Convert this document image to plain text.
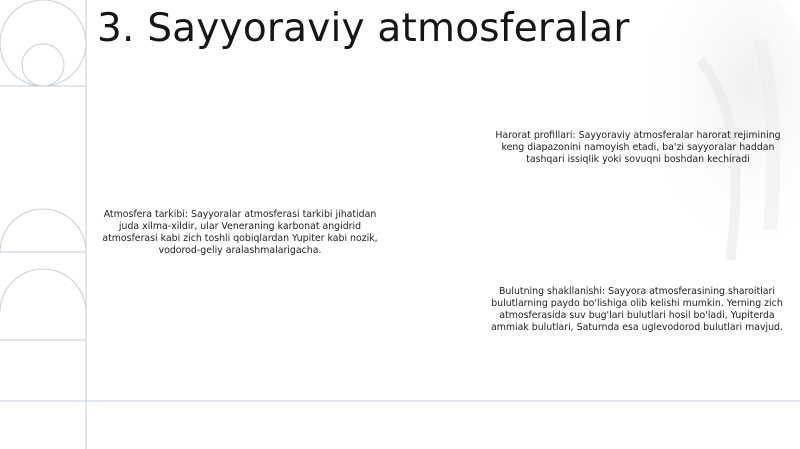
3. Sayyoraviy atmosferalar
Harorat profillari: Sayyoraviy atmosferalar harorat rejimining keng diapazonini namoyish etadi, ba'zi sayyoralar haddan tashqari issiqlik yoki sovuqni boshdan kechiradi
Atmosfera tarkibi: Sayyoralar atmosferasi tarkibi jihatidan juda xilma-xildir, ular Veneraning karbonat angidrid atmosferasi kabi zich toshli qobiqlardan Yupiter kabi nozik, vodorod-geliy aralashmalarigacha.
Bulutning shakllanishi: Sayyora atmosferasining sharoitlari bulutlarning paydo bo'lishiga olib kelishi mumkin. Yerning zich atmosferasida suv bug'lari bulutlari hosil bo'ladi, Yupiterda ammiak bulutlari, Saturnda esa uglevodorod bulutlari mavjud.
